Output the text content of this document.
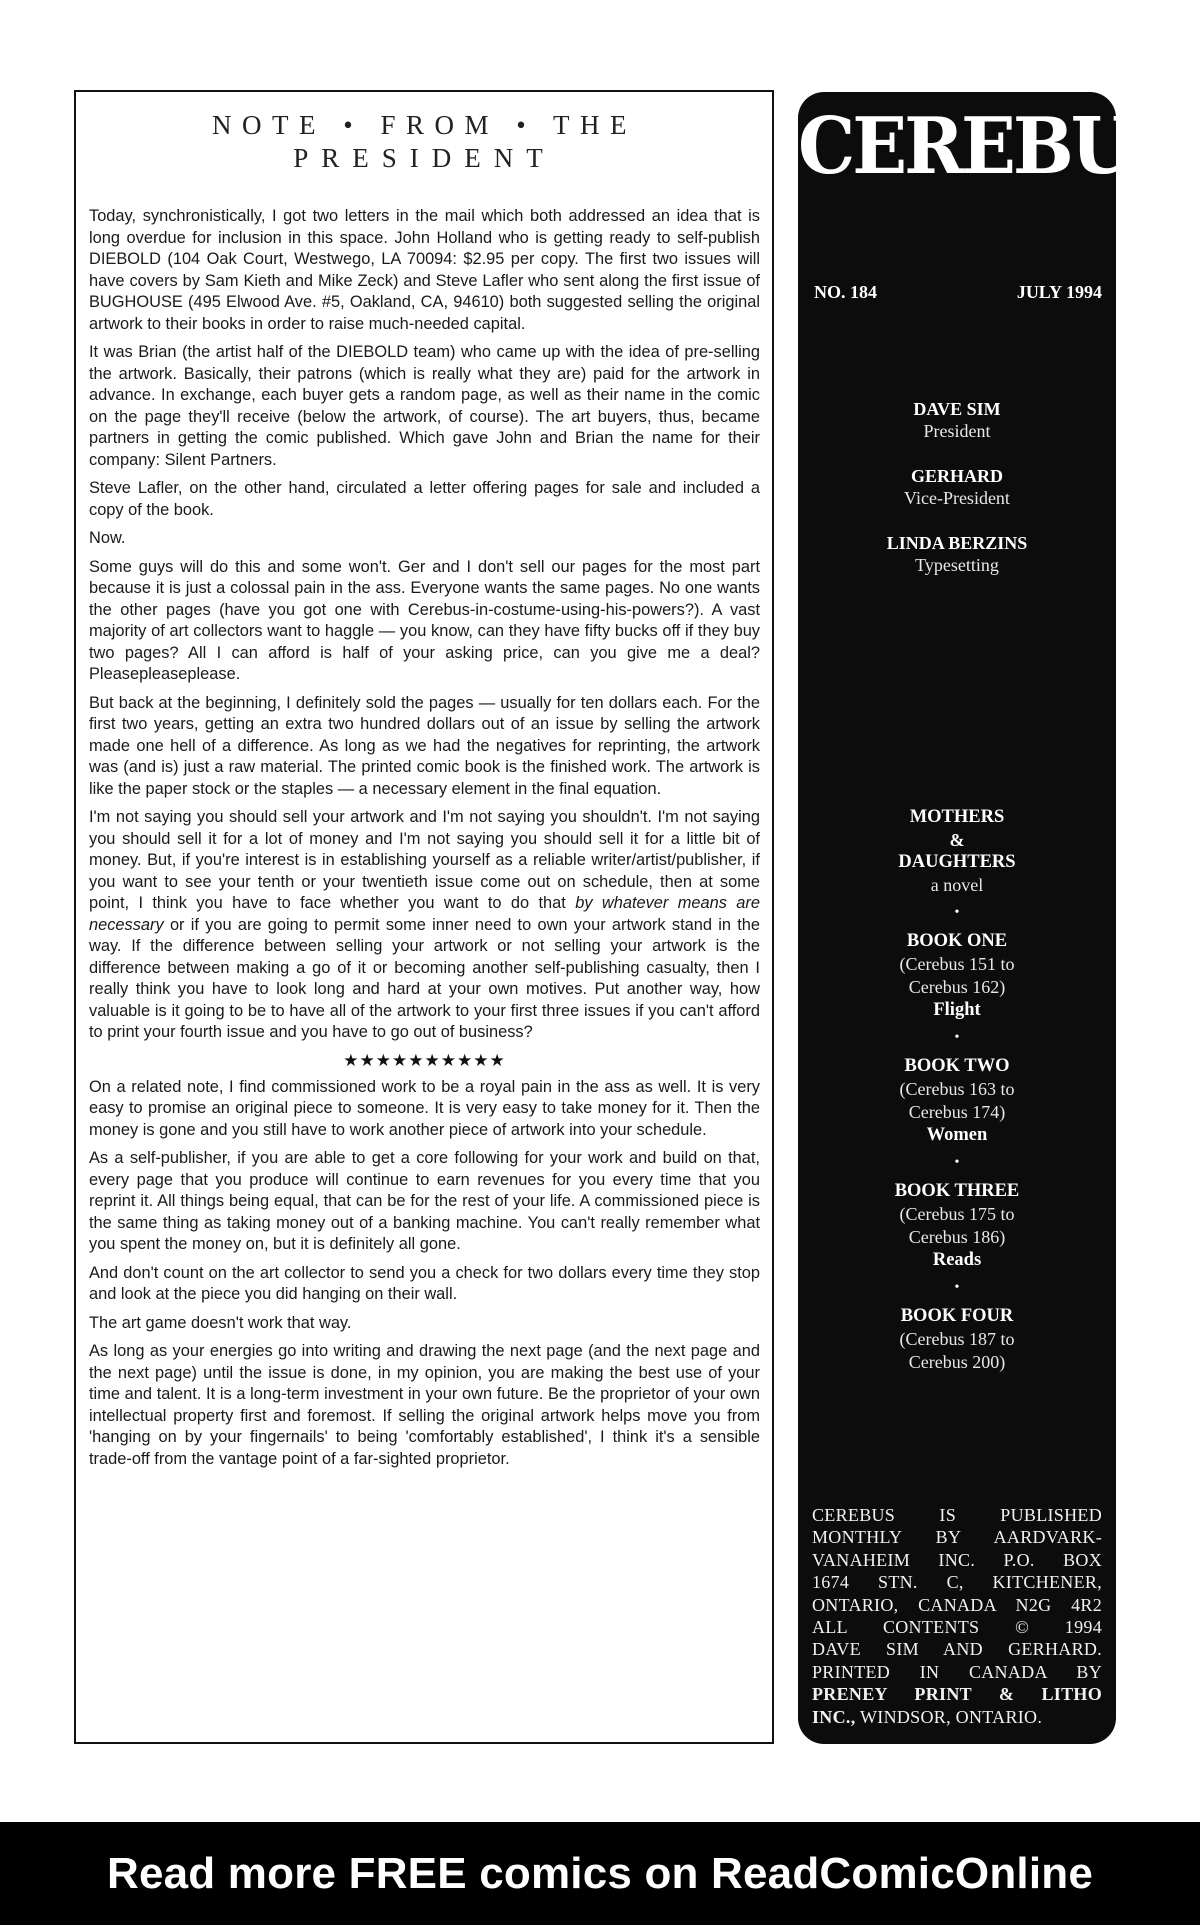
NOTE • FROM • THE
PRESIDENT

Today, synchronistically, I got two letters in the mail which both addressed an idea that is long overdue for inclusion in this space. John Holland who is getting ready to self-publish DIEBOLD (104 Oak Court, Westwego, LA 70094: $2.95 per copy. The first two issues will have covers by Sam Kieth and Mike Zeck) and Steve Lafler who sent along the first issue of BUGHOUSE (495 Elwood Ave. #5, Oakland, CA, 94610) both suggested selling the original artwork to their books in order to raise much-needed capital.

It was Brian (the artist half of the DIEBOLD team) who came up with the idea of pre-selling the artwork. Basically, their patrons (which is really what they are) paid for the artwork in advance. In exchange, each buyer gets a random page, as well as their name in the comic on the page they'll receive (below the artwork, of course). The art buyers, thus, became partners in getting the comic published. Which gave John and Brian the name for their company: Silent Partners.

Steve Lafler, on the other hand, circulated a letter offering pages for sale and included a copy of the book.

Now.

Some guys will do this and some won't. Ger and I don't sell our pages for the most part because it is just a colossal pain in the ass. Everyone wants the same pages. No one wants the other pages (have you got one with Cerebus-in-costume-using-his-powers?). A vast majority of art collectors want to haggle — you know, can they have fifty bucks off if they buy two pages? All I can afford is half of your asking price, can you give me a deal? Pleasepleaseplease.

But back at the beginning, I definitely sold the pages — usually for ten dollars each. For the first two years, getting an extra two hundred dollars out of an issue by selling the artwork made one hell of a difference. As long as we had the negatives for reprinting, the artwork was (and is) just a raw material. The printed comic book is the finished work. The artwork is like the paper stock or the staples — a necessary element in the final equation.

I'm not saying you should sell your artwork and I'm not saying you shouldn't. I'm not saying you should sell it for a lot of money and I'm not saying you should sell it for a little bit of money. But, if you're interest is in establishing yourself as a reliable writer/artist/publisher, if you want to see your tenth or your twentieth issue come out on schedule, then at some point, I think you have to face whether you want to do that by whatever means are necessary or if you are going to permit some inner need to own your artwork stand in the way. If the difference between selling your artwork or not selling your artwork is the difference between making a go of it or becoming another self-publishing casualty, then I really think you have to look long and hard at your own motives. Put another way, how valuable is it going to be to have all of the artwork to your first three issues if you can't afford to print your fourth issue and you have to go out of business?

★★★★★★★★★★

On a related note, I find commissioned work to be a royal pain in the ass as well. It is very easy to promise an original piece to someone. It is very easy to take money for it. Then the money is gone and you still have to work another piece of artwork into your schedule.

As a self-publisher, if you are able to get a core following for your work and build on that, every page that you produce will continue to earn revenues for you every time that you reprint it. All things being equal, that can be for the rest of your life. A commissioned piece is the same thing as taking money out of a banking machine. You can't really remember what you spent the money on, but it is definitely all gone.

And don't count on the art collector to send you a check for two dollars every time they stop and look at the piece you did hanging on their wall.

The art game doesn't work that way.

As long as your energies go into writing and drawing the next page (and the next page and the next page) until the issue is done, in my opinion, you are making the best use of your time and talent. It is a long-term investment in your own future. Be the proprietor of your own intellectual property first and foremost. If selling the original artwork helps move you from 'hanging on by your fingernails' to being 'comfortably established', I think it's a sensible trade-off from the vantage point of a far-sighted proprietor.

CEREBUS
NO. 184	JULY 1994
DAVE SIM
President
GERHARD
Vice-President
LINDA BERZINS
Typesetting
MOTHERS
&
DAUGHTERS
a novel
•
BOOK ONE
(Cerebus 151 to
Cerebus 162)
Flight
•
BOOK TWO
(Cerebus 163 to
Cerebus 174)
Women
•
BOOK THREE
(Cerebus 175 to
Cerebus 186)
Reads
•
BOOK FOUR
(Cerebus 187 to
Cerebus 200)
CEREBUS IS PUBLISHED
MONTHLY BY AARDVARK-
VANAHEIM INC. P.O. BOX
1674 STN. C, KITCHENER,
ONTARIO, CANADA N2G 4R2
ALL CONTENTS © 1994
DAVE SIM AND GERHARD.
PRINTED IN CANADA BY
PRENEY PRINT & LITHO
INC., WINDSOR, ONTARIO.
Read more FREE comics on ReadComicOnline
